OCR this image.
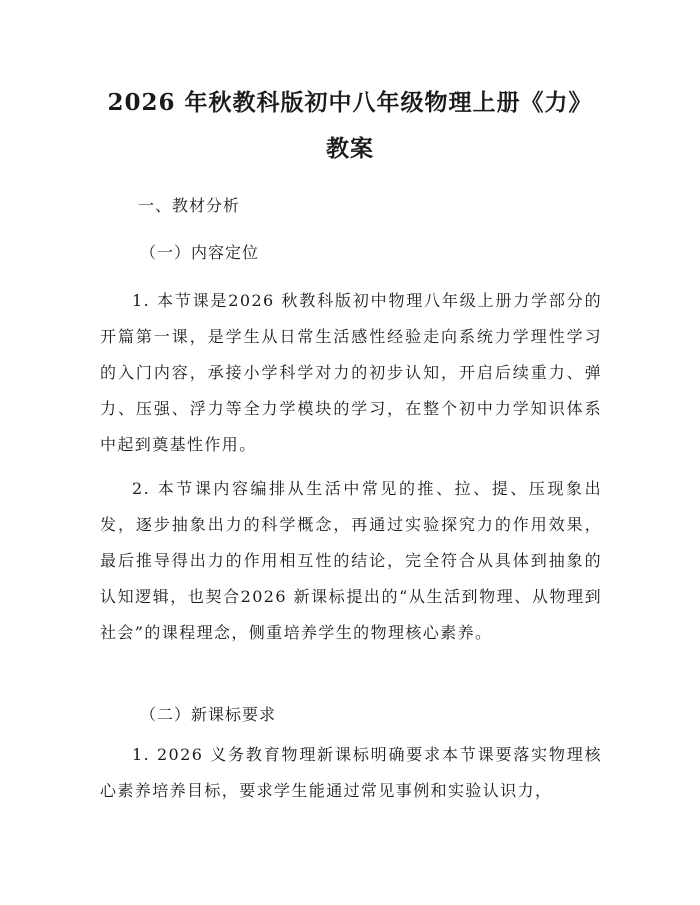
2026 年秋教科版初中八年级物理上册《力》
教案

一、教材分析

（一）内容定位

1. 本节课是2026 秋教科版初中物理八年级上册力学部分的开篇第一课，是学生从日常生活感性经验走向系统力学理性学习的入门内容，承接小学科学对力的初步认知，开启后续重力、弹力、压强、浮力等全力学模块的学习，在整个初中力学知识体系中起到奠基性作用。

2. 本节课内容编排从生活中常见的推、拉、提、压现象出发，逐步抽象出力的科学概念，再通过实验探究力的作用效果，最后推导得出力的作用相互性的结论，完全符合从具体到抽象的认知逻辑，也契合2026 新课标提出的“从生活到物理、从物理到社会”的课程理念，侧重培养学生的物理核心素养。

（二）新课标要求

1. 2026 义务教育物理新课标明确要求本节课要落实物理核心素养培养目标，要求学生能通过常见事例和实验认识力，
